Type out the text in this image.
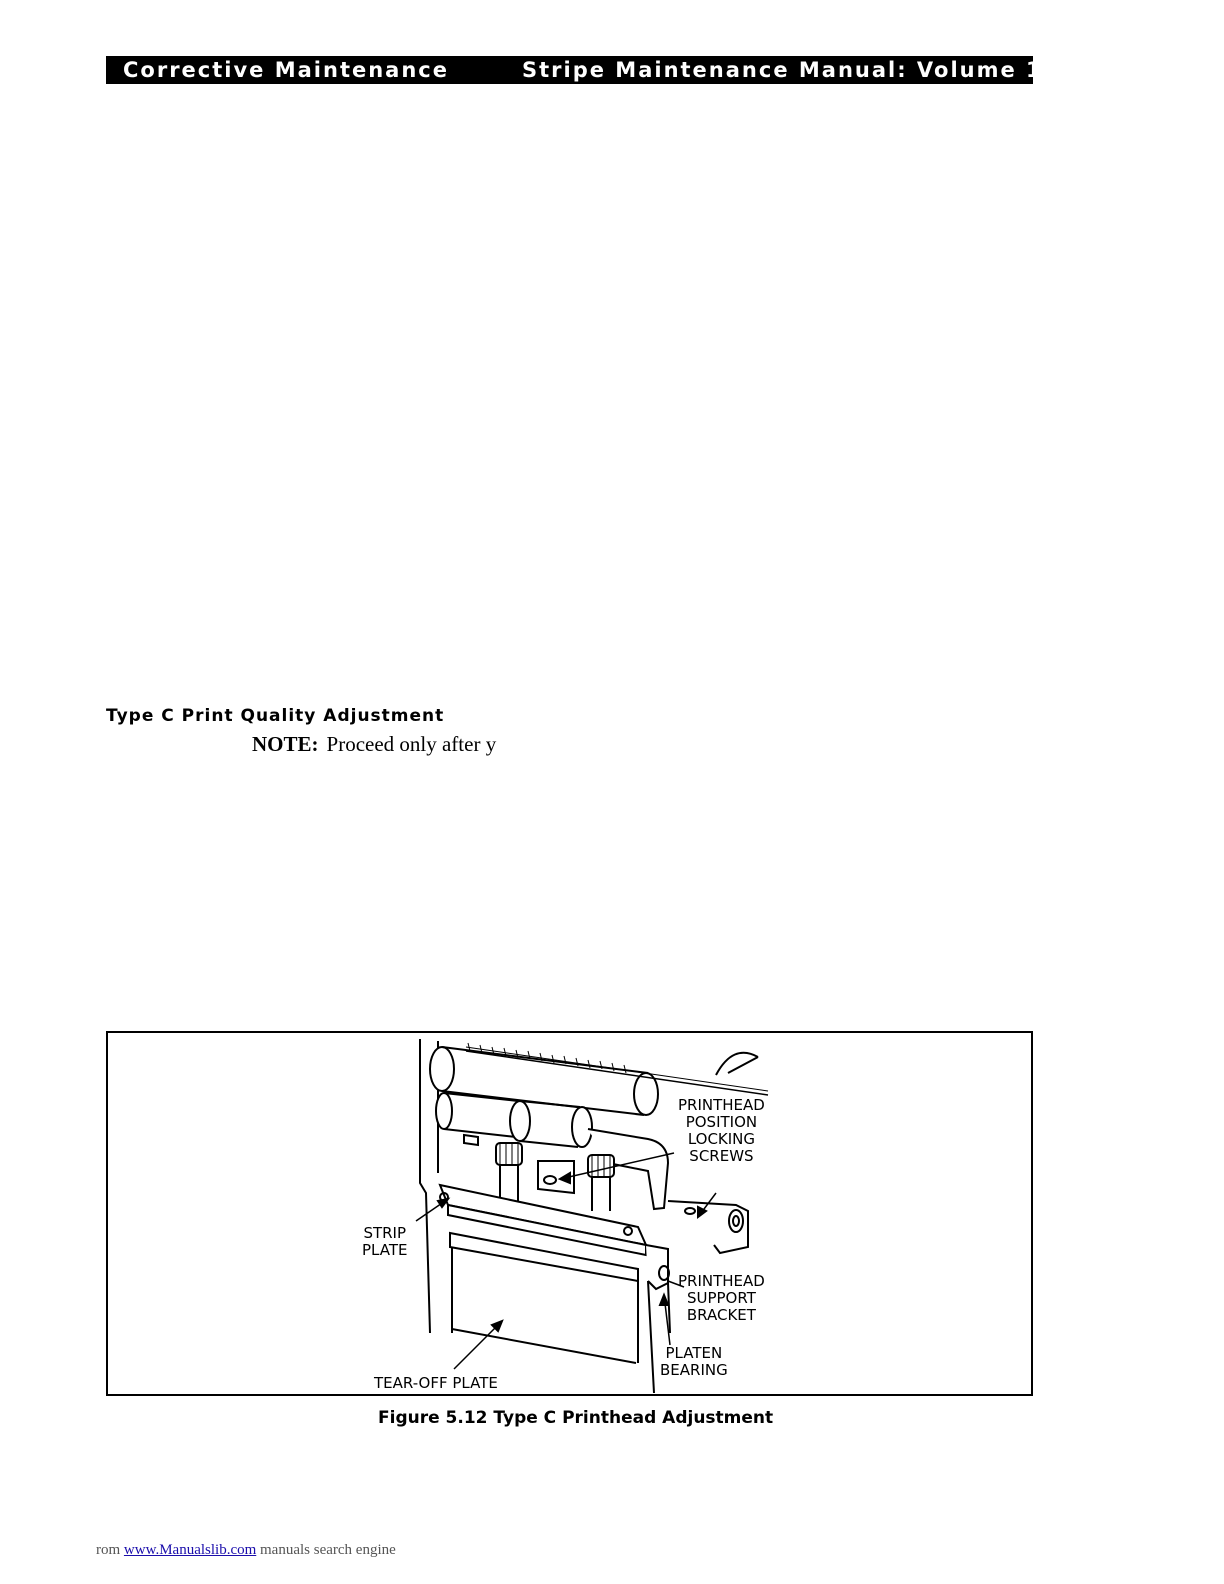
Corrective Maintenance	Stripe Maintenance Manual: Volume 1
Type C Print Quality Adjustment
NOTE: Proceed only after y
PRINTHEAD
POSITION
LOCKING
SCREWS
STRIP
PLATE
PRINTHEAD
SUPPORT
BRACKET
PLATEN
BEARING
TEAR-OFF PLATE
Figure 5.12 Type C Printhead Adjustment
rom www.Manualslib.com manuals search engine
